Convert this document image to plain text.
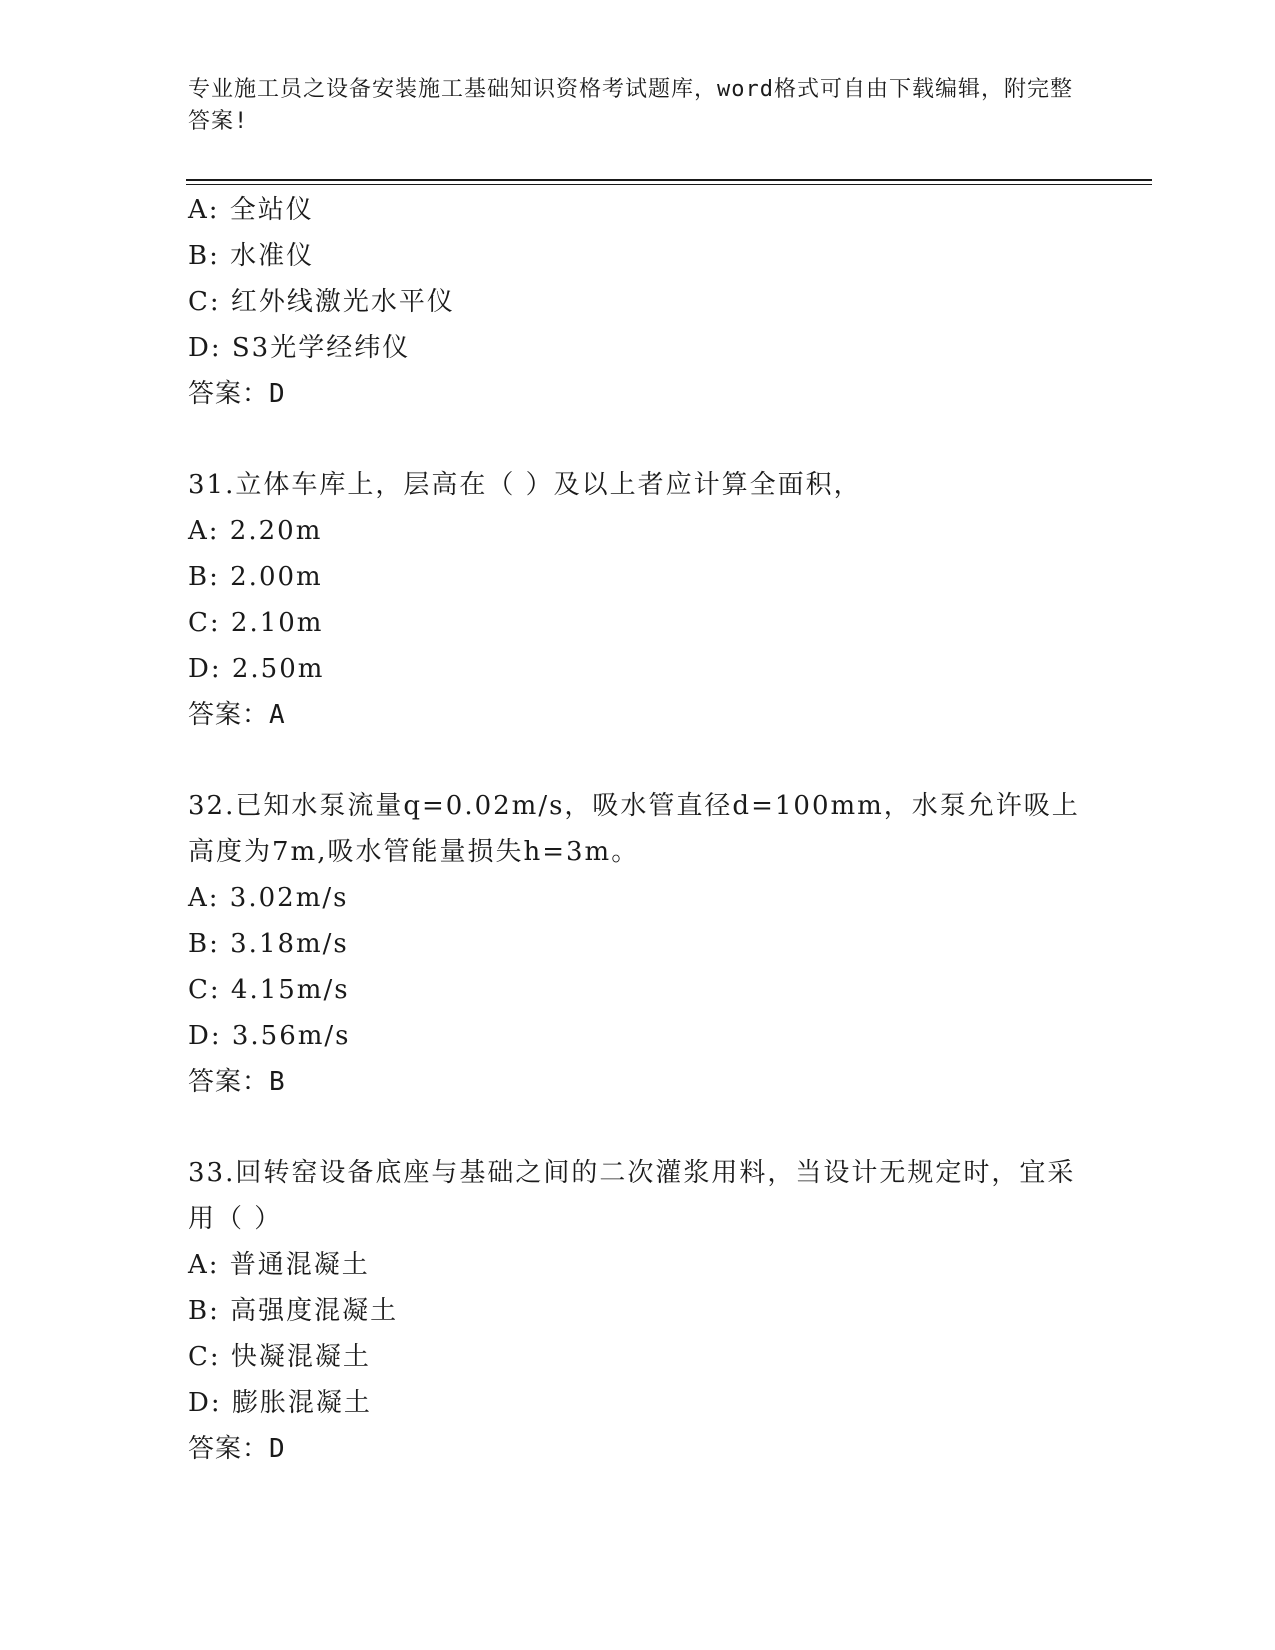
专业施工员之设备安装施工基础知识资格考试题库，word格式可自由下载编辑，附完整答案!
A: 全站仪
B: 水准仪
C: 红外线激光水平仪
D: S3光学经纬仪
答案：D
31.立体车库上，层高在（ ）及以上者应计算全面积，
A: 2.20m
B: 2.00m
C: 2.10m
D: 2.50m
答案：A
32.已知水泵流量q=0.02m/s，吸水管直径d=100mm，水泵允许吸上高度为7m,吸水管能量损失h=3m。
A: 3.02m/s
B: 3.18m/s
C: 4.15m/s
D: 3.56m/s
答案：B
33.回转窑设备底座与基础之间的二次灌浆用料，当设计无规定时，宜采用（ ）
A: 普通混凝土
B: 高强度混凝土
C: 快凝混凝土
D: 膨胀混凝土
答案：D
